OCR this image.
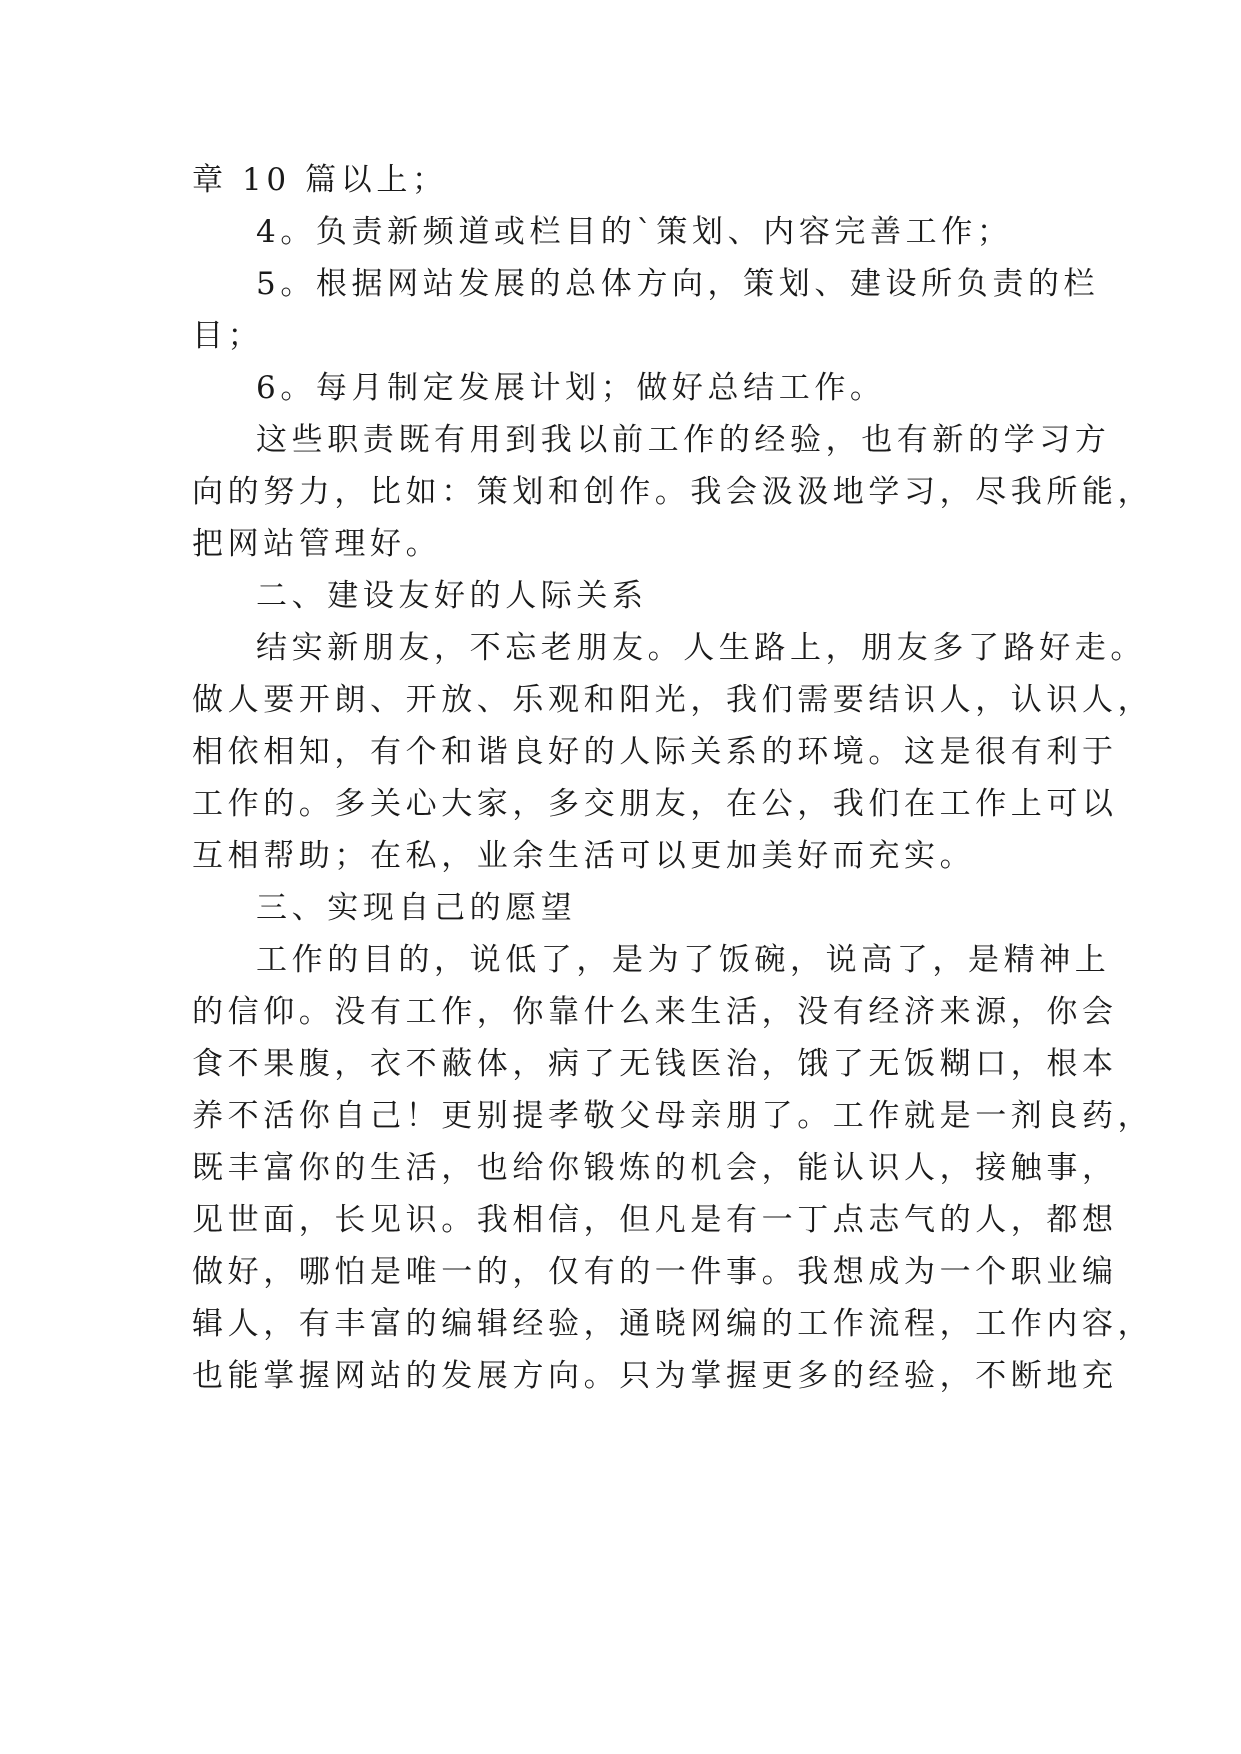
章 10 篇以上；
4。负责新频道或栏目的`策划、内容完善工作；
5。根据网站发展的总体方向，策划、建设所负责的栏
目；
6。每月制定发展计划；做好总结工作。
这些职责既有用到我以前工作的经验，也有新的学习方
向的努力，比如：策划和创作。我会汲汲地学习，尽我所能，
把网站管理好。
二、建设友好的人际关系
结实新朋友，不忘老朋友。人生路上，朋友多了路好走。
做人要开朗、开放、乐观和阳光，我们需要结识人，认识人，
相依相知，有个和谐良好的人际关系的环境。这是很有利于
工作的。多关心大家，多交朋友，在公，我们在工作上可以
互相帮助；在私，业余生活可以更加美好而充实。
三、实现自己的愿望
工作的目的，说低了，是为了饭碗，说高了，是精神上
的信仰。没有工作，你靠什么来生活，没有经济来源，你会
食不果腹，衣不蔽体，病了无钱医治，饿了无饭糊口，根本
养不活你自己！更别提孝敬父母亲朋了。工作就是一剂良药，
既丰富你的生活，也给你锻炼的机会，能认识人，接触事，
见世面，长见识。我相信，但凡是有一丁点志气的人，都想
做好，哪怕是唯一的，仅有的一件事。我想成为一个职业编
辑人，有丰富的编辑经验，通晓网编的工作流程，工作内容，
也能掌握网站的发展方向。只为掌握更多的经验，不断地充
